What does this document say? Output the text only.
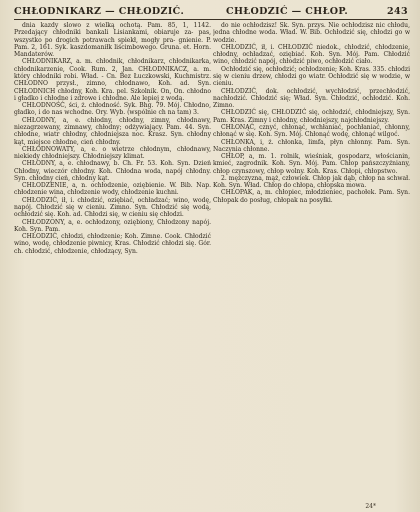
CHŁODNIKARZ — CHŁODZIĆ.	CHŁODZIĆ — CHŁOP.	243

dnia kazdy slowo z wielką ochotą. Pam. 85, 1, 1142. Przedający chłodniki bankali Lisiankami, obiaruje za- pas, wszystko po drogich potrawach spiekł, mogły pra- gnienie. P. Pam. 2, 161. Syk. kaszdomaniłk liścimbowego. Gruna. et. Horn. Mandaterów.

CHŁODNIKARZ, a. m. chłodnik, chłodnikarz, chłodnikarka, chłodnikarzenie, Cook. Rum. 2, Jan. CHŁODNIKACZ, a. m. który chłodniki robi. Wład. - Cn. Bez Łuczkowski, Kuchmistrz. CHŁODNO przysł., zimno, chłodnawo, Koh. ad. Syn. CHŁODNICH chłodny, Koh. Kra. pel. Szkolnik. On, On. chłodno i gładko i chłodne i zdrowe i chłodne. Ale lepiej z wodą.

CHŁODNOŚĆ, ści, ż. chłodność. Syk. Bhg. 79. Mój. Chłodno, gładko, i do nas wchodne. Ory. Wyb. (wspólnie ch na tam) 3.

CHŁODNY, a, e. chłodny, chłodny, zimny, chłodnawy, niezagrzewany, zimnawy, chłodny; odżywiający. Pam. 44. Syn. chłodne, wiatr chłodny, chłodniejsza noc. Krasz. Syn. chłodny kąt, miejsce chłodne, cień chłodny.

CHŁODNOWATY, a, e. o wietrze chłodnym, chłodnawy, niekiedy chłodniejszy. Chłodniejszy klimat.

CHŁODNY, a, e. chłodnawy, b. Ch. Fr. 53. Koh. Syn. Dzień Chłodny, wieczór chłodny. Koh. Chłodna woda, napój chłodny. Syn. chłodny cień, chłodny kąt.

CHŁODZENIE, a, n. ochłodzenie, oziębienie. W. Bib. Nap. chłodzenie wina, chłodzenie wody, chłodzenie kuchni.

CHŁODZIĆ, ił, i. chłodzić, oziębiać, ochładzać; wino, wodę, napój. Chłodzić się w cieniu. Zimno. Syn. Chłodzić się wodą, ochłodzić się. Koh. ad. Chłodzi się, w cieniu się chłodzi.

CHŁODZONY, a, e. ochłodzony, oziębiony, Chłodzony napój. Koh. Syn. Pam.

CHŁODZIĆ, chłodzi, chłodzenie; Koh. Zimne. Cook. Chłodzić wino, wodę, chłodzenie piwnicy, Kras. Chłodzić chłodzi się. Gór. ch. chłodzić, chłodzenie, chłodzący, Syn.

do nie ochłodzisz! Sk. Syn. przys. Nie ochłodzisz nic chłodu, jedna chłodne woda. Wład. W. Bib. Ochłodzić się, chłodzi go w wodzie.

CHŁODZIĆ, ił, i. CHŁODZIĆ niedok., chłodzić, chłodzenie, chłodny, ochładzać, oziębiać. Koh. Syn. Mój. Pam. Chłodzić wino, chłodzić napój, chłodzić piwo, ochłodzić ciało.

Ochłodzić się, ochłodzić; ochłodzenie; Koh. Kras. 335. chłodzi się w cieniu drzew, chłodzi go wiatr. Ochłodzić się w wodzie, w cieniu.

CHŁODZIĆ, dok. ochłodzić, wychłodzić, przechłodzić, nachłodzić. Chłodzić się; Wład. Syn. Chłodzić, ochłodzić. Koh. Zimno.

CHŁODZIĆ się, CHŁODZIĆ się, ochłodzić, chłodniejszy, Syn. Pam. Kras. Zimny i chłodny, chłodniejszy, najchłodniejszy.

CHŁONĄĆ, cznyć, chłonąć, wchłaniać, pochłaniać, chłonny, chłonąć w się. Koh. Syn. Mój. Chłonąć wodę, chłonąć wilgoć.

CHŁONKA, i, ż. chłonka, limfa, płyn chłonny. Pam. Syn. Naczynia chłonne.

CHŁOP, a, m. 1. rolnik, wieśniak, gospodarz, włościanin, kmieć, zagrodnik. Koh. Syn. Mój. Pam. Chłop pańszczyźniany, chłop czynszowy, chłop wolny. Koh. Kras. Chłopi, chłopstwo.

2. mężczyzna, mąż, człowiek. Chłop jak dąb, chłop na schwał. Koh. Syn. Wład. Chłop do chłopa, chłopska mowa.

CHŁOPAK, a, m. chłopiec, młodzieniec, pachołek. Pam. Syn. Chłopak do posług, chłopak na posyłki.

24*
